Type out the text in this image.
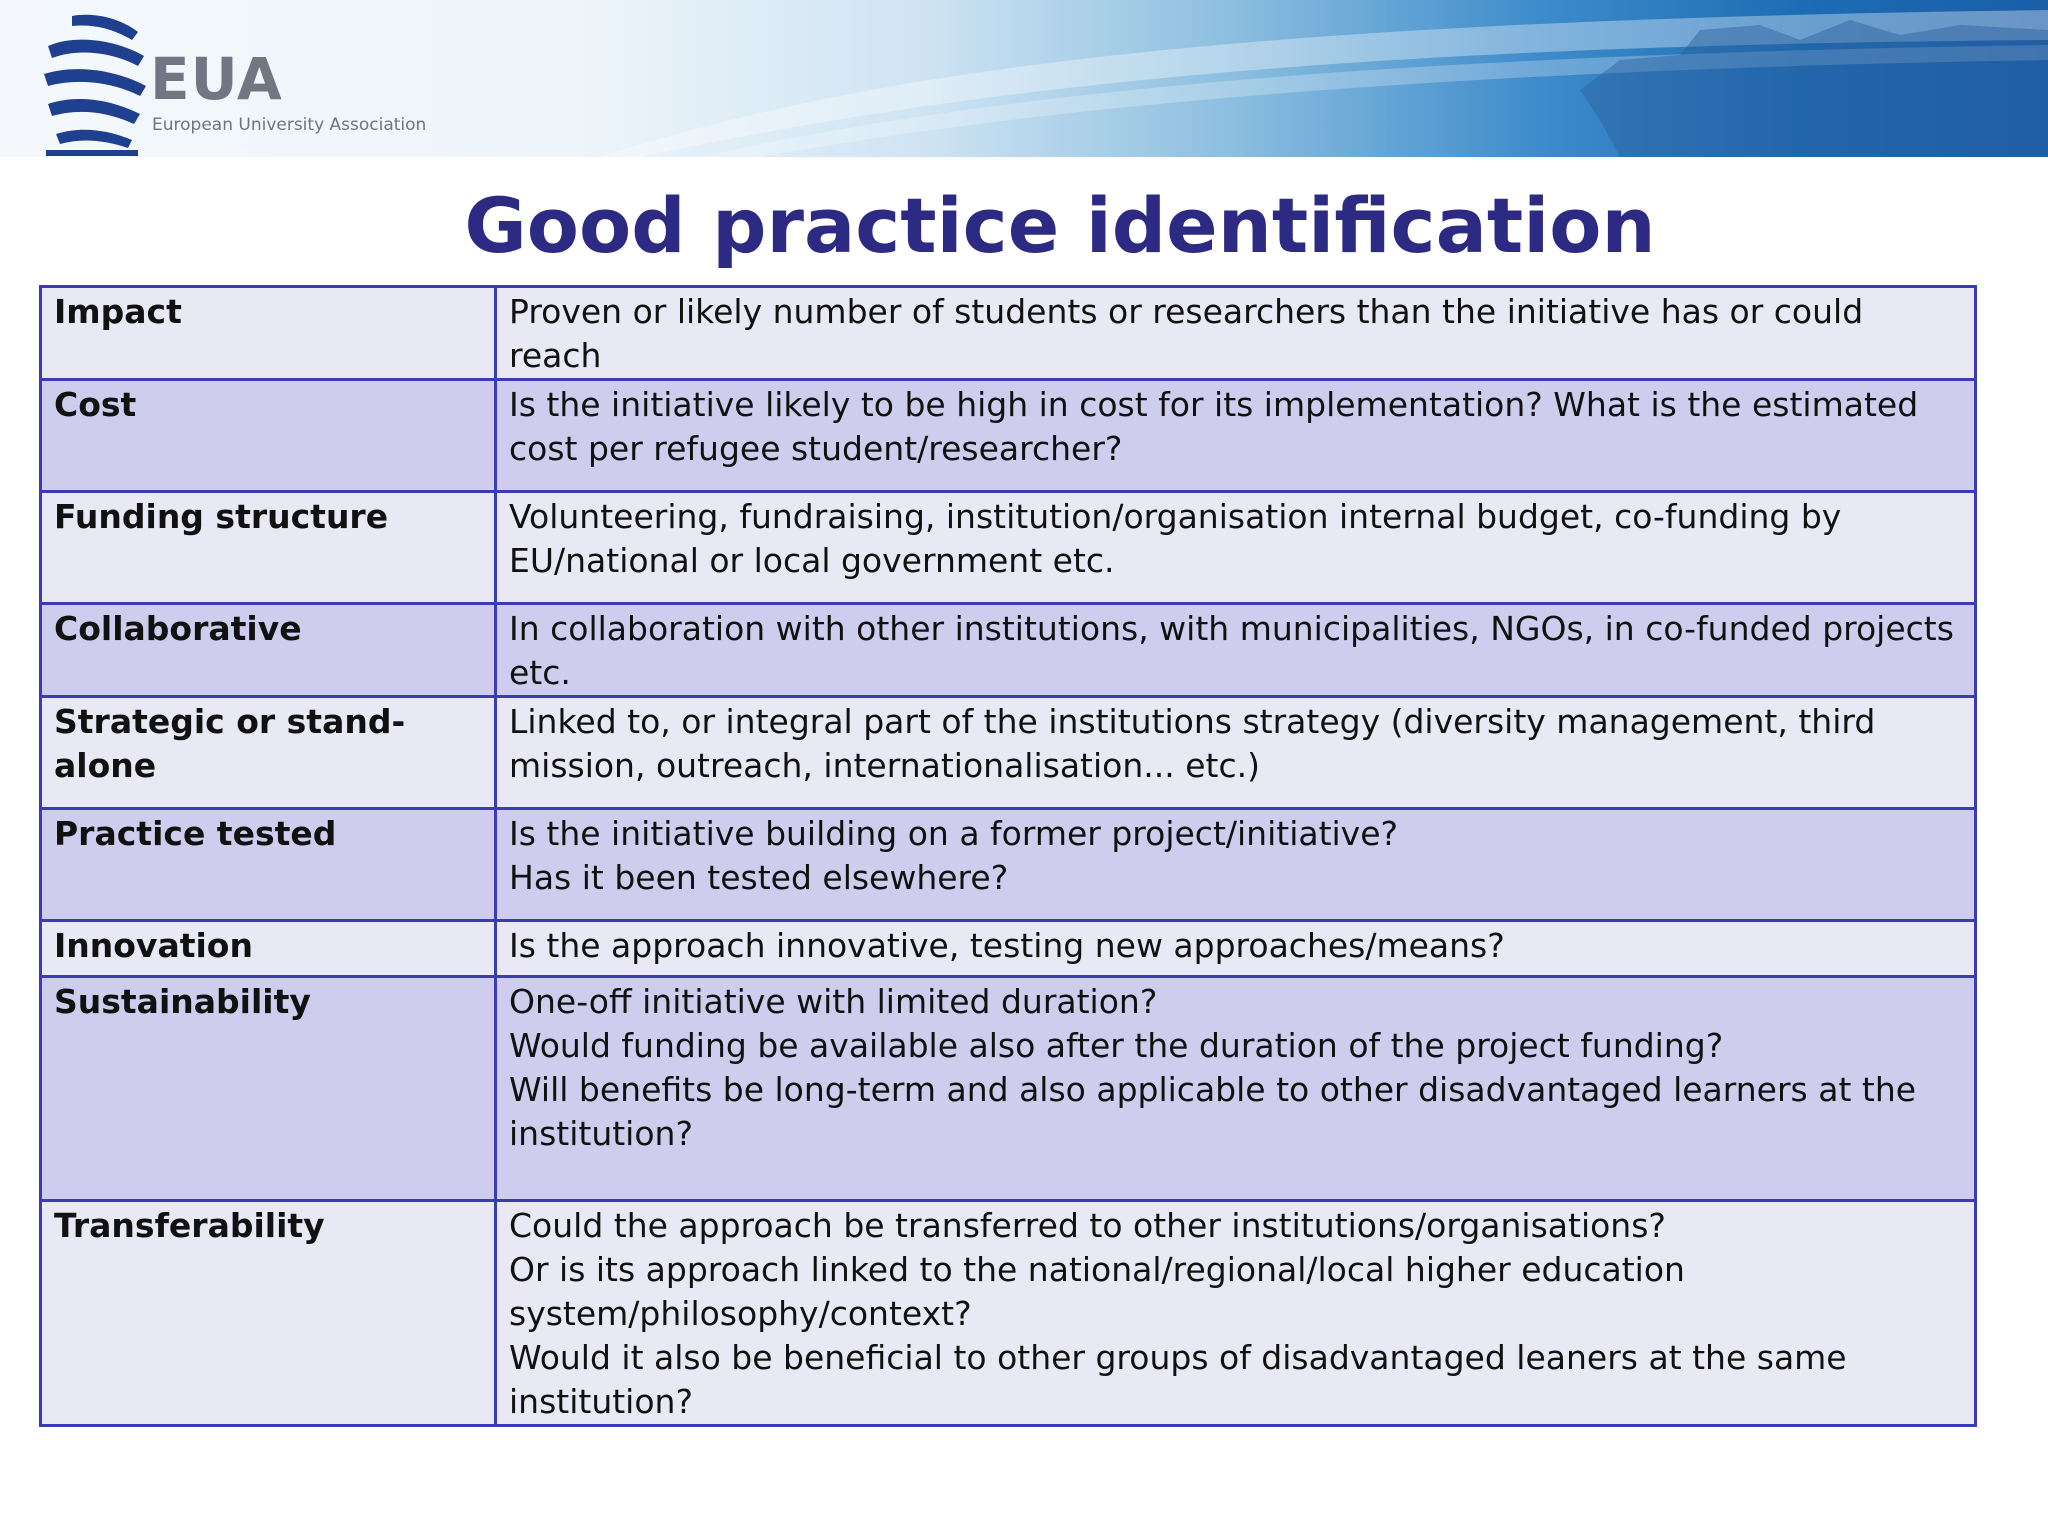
EUA
European University Association
Good practice identification
Impact	Proven or likely number of students or researchers than the initiative has or could reach

Cost	Is the initiative likely to be high in cost for its implementation? What is the estimated cost per refugee student/researcher?

Funding structure	Volunteering, fundraising, institution/organisation internal budget, co-funding by EU/national or local government etc.

Collaborative	In collaboration with other institutions, with municipalities, NGOs, in co-funded projects etc.

Strategic or stand-alone	Linked to, or integral part of the institutions strategy (diversity management, third mission, outreach, internationalisation... etc.)

Practice tested	Is the initiative building on a former project/initiative?
Has it been tested elsewhere?

Innovation	Is the approach innovative, testing new approaches/means?

Sustainability	One-off initiative with limited duration?
Would funding be available also after the duration of the project funding?
Will benefits be long-term and also applicable to other disadvantaged learners at the institution?

Transferability	Could the approach be transferred to other institutions/organisations?
Or is its approach linked to the national/regional/local higher education system/philosophy/context?
Would it also be beneficial to other groups of disadvantaged leaners at the same institution?
